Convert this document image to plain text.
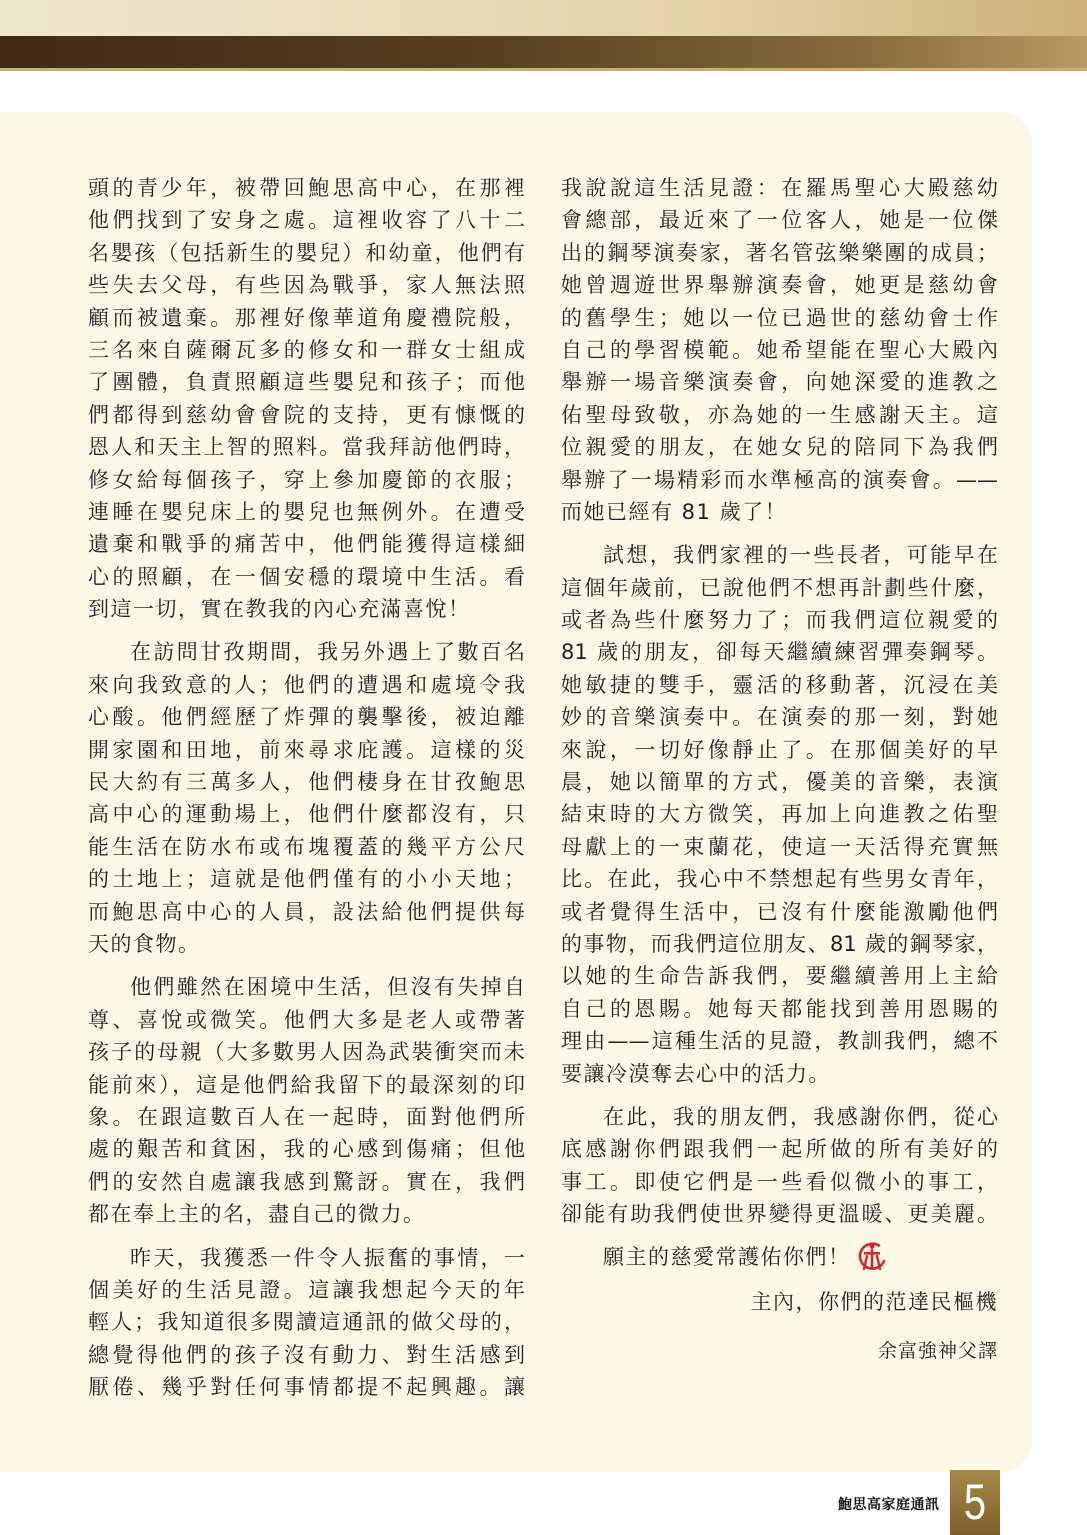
頭的青少年，被帶回鮑思高中心，在那裡
他們找到了安身之處。這裡收容了八十二
名嬰孩（包括新生的嬰兒）和幼童，他們有
些失去父母，有些因為戰爭，家人無法照
顧而被遺棄。那裡好像華道角慶禮院般，
三名來自薩爾瓦多的修女和一群女士組成
了團體，負責照顧這些嬰兒和孩子；而他
們都得到慈幼會會院的支持，更有慷慨的
恩人和天主上智的照料。當我拜訪他們時，
修女給每個孩子，穿上參加慶節的衣服；
連睡在嬰兒床上的嬰兒也無例外。在遭受
遺棄和戰爭的痛苦中，他們能獲得這樣細
心的照顧，在一個安穩的環境中生活。看
到這一切，實在教我的內心充滿喜悅！
在訪問甘孜期間，我另外遇上了數百名
來向我致意的人；他們的遭遇和處境令我
心酸。他們經歷了炸彈的襲擊後，被迫離
開家園和田地，前來尋求庇護。這樣的災
民大約有三萬多人，他們棲身在甘孜鮑思
高中心的運動場上，他們什麼都沒有，只
能生活在防水布或布塊覆蓋的幾平方公尺
的土地上；這就是他們僅有的小小天地；
而鮑思高中心的人員，設法給他們提供每
天的食物。
他們雖然在困境中生活，但沒有失掉自
尊、喜悅或微笑。他們大多是老人或帶著
孩子的母親（大多數男人因為武裝衝突而未
能前來），這是他們給我留下的最深刻的印
象。在跟這數百人在一起時，面對他們所
處的艱苦和貧困，我的心感到傷痛；但他
們的安然自處讓我感到驚訝。實在，我們
都在奉上主的名，盡自己的微力。
昨天，我獲悉一件令人振奮的事情，一
個美好的生活見證。這讓我想起今天的年
輕人；我知道很多閱讀這通訊的做父母的，
總覺得他們的孩子沒有動力、對生活感到
厭倦、幾乎對任何事情都提不起興趣。讓
我說說這生活見證：在羅馬聖心大殿慈幼
會總部，最近來了一位客人，她是一位傑
出的鋼琴演奏家，著名管弦樂樂團的成員；
她曾週遊世界舉辦演奏會，她更是慈幼會
的舊學生；她以一位已過世的慈幼會士作
自己的學習模範。她希望能在聖心大殿內
舉辦一場音樂演奏會，向她深愛的進教之
佑聖母致敬，亦為她的一生感謝天主。這
位親愛的朋友，在她女兒的陪同下為我們
舉辦了一場精彩而水準極高的演奏會。——
而她已經有 81 歲了！
試想，我們家裡的一些長者，可能早在
這個年歲前，已說他們不想再計劃些什麼，
或者為些什麼努力了；而我們這位親愛的
81 歲的朋友，卻每天繼續練習彈奏鋼琴。
她敏捷的雙手，靈活的移動著，沉浸在美
妙的音樂演奏中。在演奏的那一刻，對她
來說，一切好像靜止了。在那個美好的早
晨，她以簡單的方式，優美的音樂，表演
結束時的大方微笑，再加上向進教之佑聖
母獻上的一束蘭花，使這一天活得充實無
比。在此，我心中不禁想起有些男女青年，
或者覺得生活中，已沒有什麼能激勵他們
的事物，而我們這位朋友、81 歲的鋼琴家，
以她的生命告訴我們，要繼續善用上主給
自己的恩賜。她每天都能找到善用恩賜的
理由——這種生活的見證，教訓我們，總不
要讓冷漠奪去心中的活力。
在此，我的朋友們，我感謝你們，從心
底感謝你們跟我們一起所做的所有美好的
事工。即使它們是一些看似微小的事工，
卻能有助我們使世界變得更溫暖、更美麗。
願主的慈愛常護佑你們！
主內，你們的范達民樞機
余富強神父譯
鮑思高家庭通訊 5
